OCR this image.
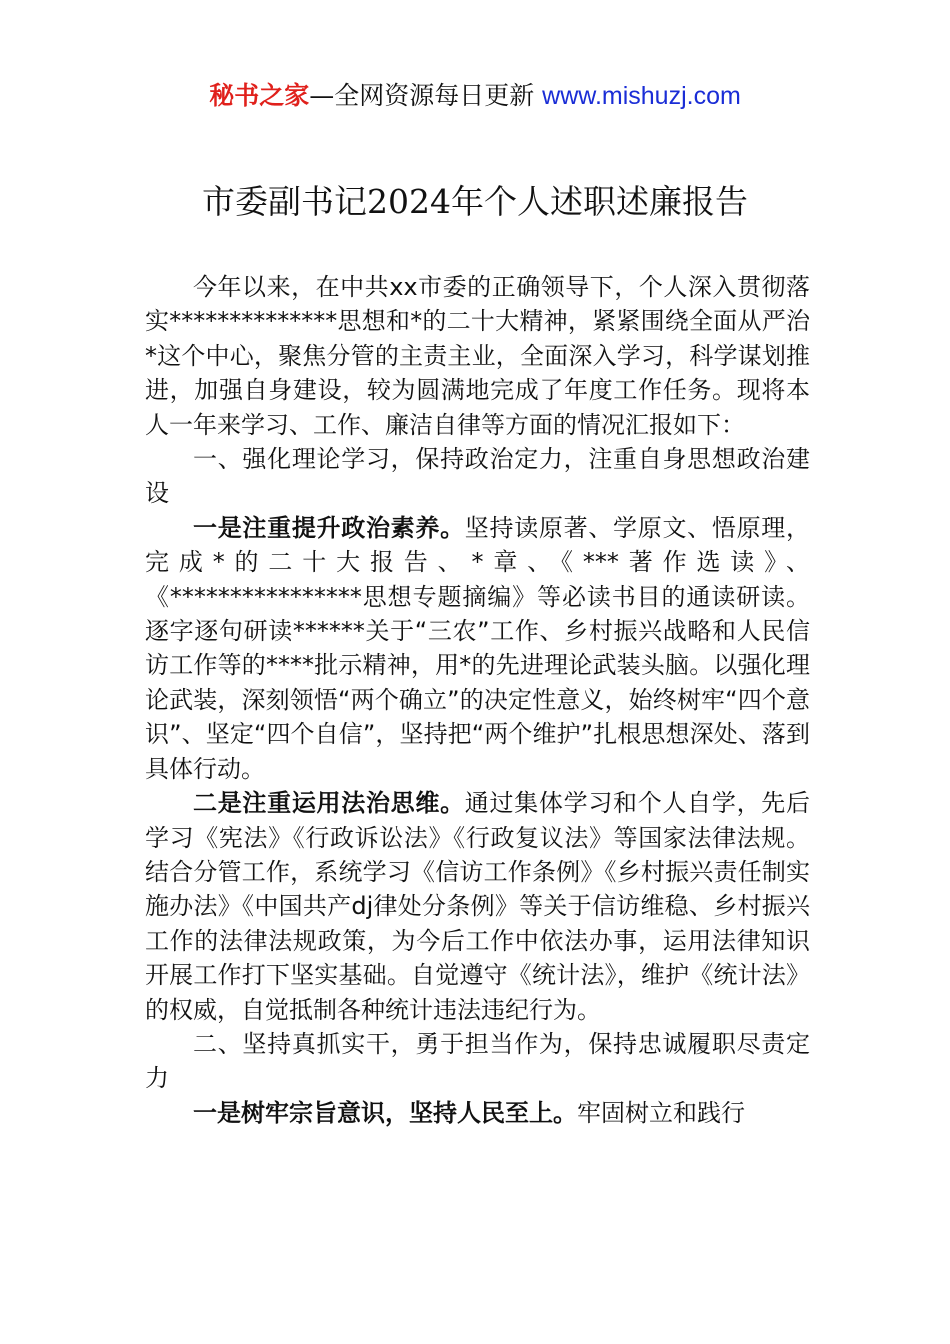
秘书之家—全网资源每日更新 www.mishuzj.com
市委副书记2024年个人述职述廉报告

今年以来，在中共xx市委的正确领导下，个人深入贯彻落实**************思想和*的二十大精神，紧紧围绕全面从严治*这个中心，聚焦分管的主责主业，全面深入学习，科学谋划推进，加强自身建设，较为圆满地完成了年度工作任务。现将本人一年来学习、工作、廉洁自律等方面的情况汇报如下：

一、强化理论学习，保持政治定力，注重自身思想政治建设

一是注重提升政治素养。坚持读原著、学原文、悟原理，完成*的二十大报告、*章、《***著作选读》、《****************思想专题摘编》等必读书目的通读研读。逐字逐句研读******关于“三农”工作、乡村振兴战略和人民信访工作等的****批示精神，用*的先进理论武装头脑。以强化理论武装，深刻领悟“两个确立”的决定性意义，始终树牢“四个意识”、坚定“四个自信”，坚持把“两个维护”扎根思想深处、落到具体行动。

二是注重运用法治思维。通过集体学习和个人自学，先后学习《宪法》《行政诉讼法》《行政复议法》等国家法律法规。结合分管工作，系统学习《信访工作条例》《乡村振兴责任制实施办法》《中国共产dj律处分条例》等关于信访维稳、乡村振兴工作的法律法规政策，为今后工作中依法办事，运用法律知识开展工作打下坚实基础。自觉遵守《统计法》，维护《统计法》的权威，自觉抵制各种统计违法违纪行为。

二、坚持真抓实干，勇于担当作为，保持忠诚履职尽责定力

一是树牢宗旨意识，坚持人民至上。牢固树立和践行
